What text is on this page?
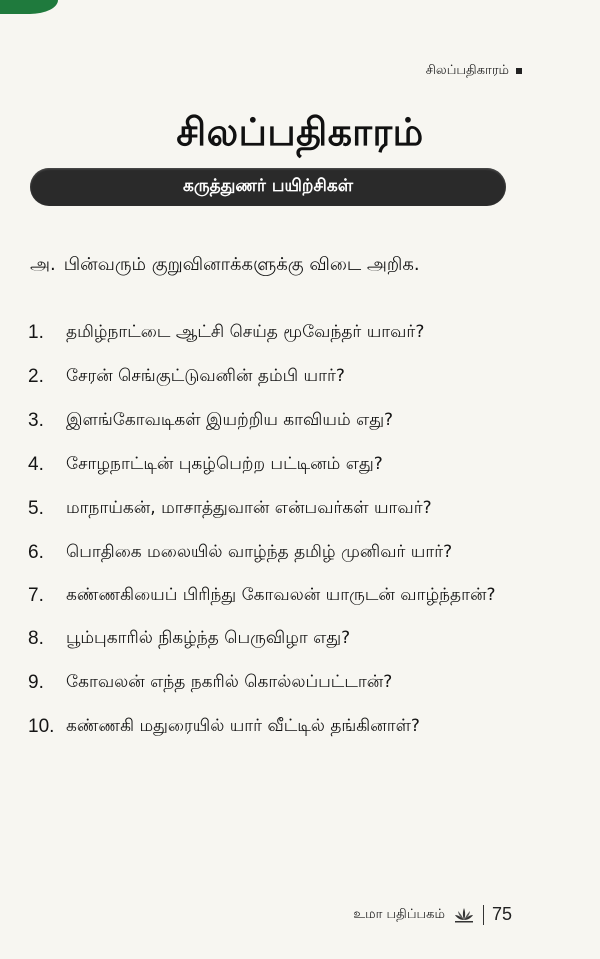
சிலப்பதிகாரம்
சிலப்பதிகாரம்
கருத்துணர் பயிற்சிகள்
அ. பின்வரும் குறுவினாக்களுக்கு விடை அறிக.
1.	தமிழ்நாட்டை ஆட்சி செய்த மூவேந்தர் யாவர்?
2.	சேரன் செங்குட்டுவனின் தம்பி யார்?
3.	இளங்கோவடிகள் இயற்றிய காவியம் எது?
4.	சோழநாட்டின் புகழ்பெற்ற பட்டினம் எது?
5.	மாநாய்கன், மாசாத்துவான் என்பவர்கள் யாவர்?
6.	பொதிகை மலையில் வாழ்ந்த தமிழ் முனிவர் யார்?
7.	கண்ணகியைப் பிரிந்து கோவலன் யாருடன் வாழ்ந்தான்?
8.	பூம்புகாரில் நிகழ்ந்த பெருவிழா எது?
9.	கோவலன் எந்த நகரில் கொல்லப்பட்டான்?
10. கண்ணகி மதுரையில் யார் வீட்டில் தங்கினாள்?
உமா பதிப்பகம்	75
